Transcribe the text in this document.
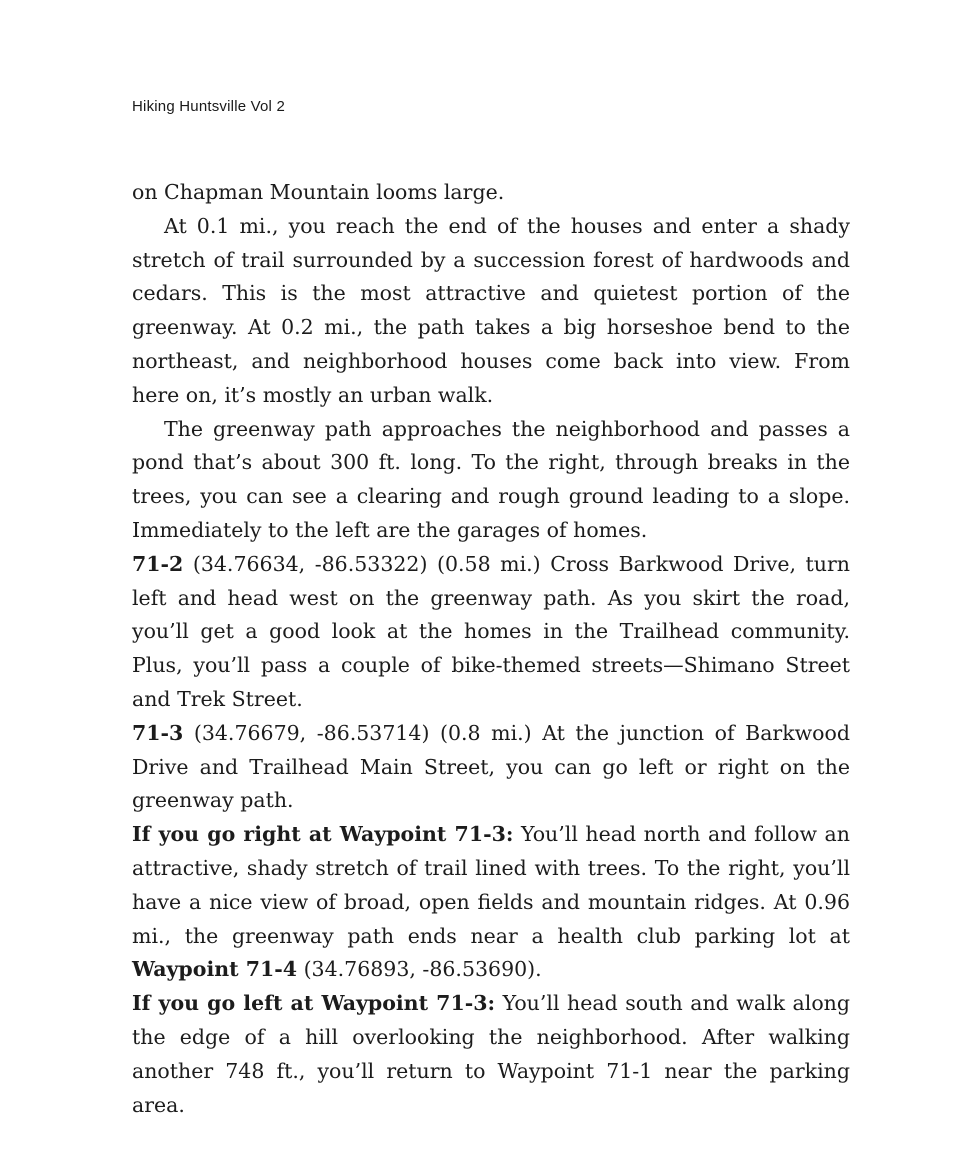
Hiking Huntsville Vol 2

on Chapman Mountain looms large.

At 0.1 mi., you reach the end of the houses and enter a shady stretch of trail surrounded by a succession forest of hardwoods and cedars. This is the most attractive and quietest portion of the greenway. At 0.2 mi., the path takes a big horseshoe bend to the northeast, and neighborhood houses come back into view. From here on, it’s mostly an urban walk.

The greenway path approaches the neighborhood and passes a pond that’s about 300 ft. long. To the right, through breaks in the trees, you can see a clearing and rough ground leading to a slope. Immediately to the left are the garages of homes.

71-2 (34.76634, -86.53322) (0.58 mi.) Cross Barkwood Drive, turn left and head west on the greenway path. As you skirt the road, you’ll get a good look at the homes in the Trailhead community. Plus, you’ll pass a couple of bike-themed streets—Shimano Street and Trek Street.

71-3 (34.76679, -86.53714) (0.8 mi.) At the junction of Barkwood Drive and Trailhead Main Street, you can go left or right on the greenway path.

If you go right at Waypoint 71-3: You’ll head north and follow an attractive, shady stretch of trail lined with trees. To the right, you’ll have a nice view of broad, open fields and mountain ridges. At 0.96 mi., the greenway path ends near a health club parking lot at Waypoint 71-4 (34.76893, -86.53690).

If you go left at Waypoint 71-3: You’ll head south and walk along the edge of a hill overlooking the neighborhood. After walking another 748 ft., you’ll return to Waypoint 71-1 near the parking area.
